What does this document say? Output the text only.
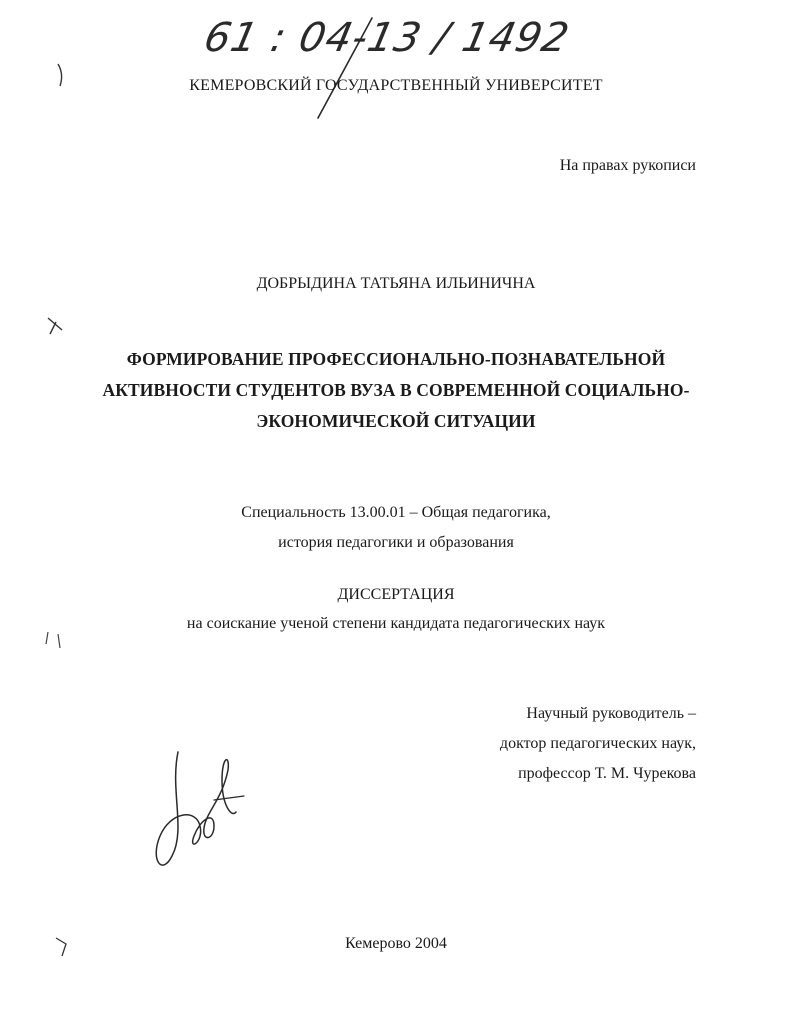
61 : 04-13 / 1492
КЕМЕРОВСКИЙ ГОСУДАРСТВЕННЫЙ УНИВЕРСИТЕТ
На правах рукописи
ДОБРЫДИНА ТАТЬЯНА ИЛЬИНИЧНА
ФОРМИРОВАНИЕ ПРОФЕССИОНАЛЬНО-ПОЗНАВАТЕЛЬНОЙ
АКТИВНОСТИ СТУДЕНТОВ ВУЗА В СОВРЕМЕННОЙ СОЦИАЛЬНО-
ЭКОНОМИЧЕСКОЙ СИТУАЦИИ
Специальность 13.00.01 – Общая педагогика,
история педагогики и образования
ДИССЕРТАЦИЯ
на соискание ученой степени кандидата педагогических наук
Научный руководитель –
доктор педагогических наук,
профессор Т. М. Чурекова
Кемерово 2004
